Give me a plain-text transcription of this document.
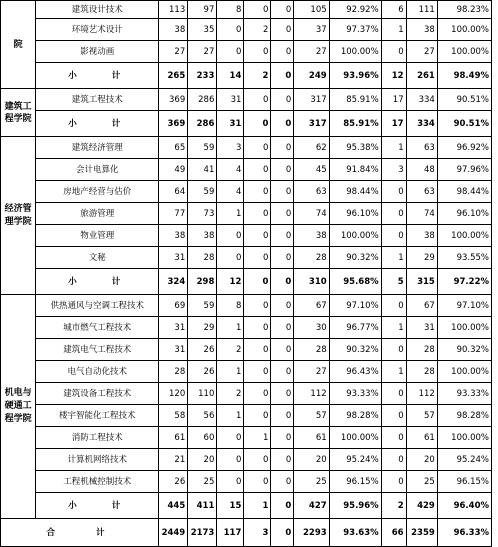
院	建筑设计技术	113	97	8	0	0	105	92.92%	6	111	98.23%
	环境艺术设计	38	35	0	2	0	37	97.37%	1	38	100.00%
	影视动画	27	27	0	0	0	27	100.00%	0	27	100.00%
	小　　计	265	233	14	2	0	249	93.96%	12	261	98.49%
建筑工程学院	建筑工程技术	369	286	31	0	0	317	85.91%	17	334	90.51%
	小　　计	369	286	31	0	0	317	85.91%	17	334	90.51%
经济管理学院	建筑经济管理	65	59	3	0	0	62	95.38%	1	63	96.92%
	会计电算化	49	41	4	0	0	45	91.84%	3	48	97.96%
	房地产经营与估价	64	59	4	0	0	63	98.44%	0	63	98.44%
	旅游管理	77	73	1	0	0	74	96.10%	0	74	96.10%
	物业管理	38	38	0	0	0	38	100.00%	0	38	100.00%
	文秘	31	28	0	0	0	28	90.32%	1	29	93.55%
	小　　计	324	298	12	0	0	310	95.68%	5	315	97.22%
机电与硬通工程学院	供热通风与空调工程技术	69	59	8	0	0	67	97.10%	0	67	97.10%
	城市燃气工程技术	31	29	1	0	0	30	96.77%	1	31	100.00%
	建筑电气工程技术	31	26	2	0	0	28	90.32%	0	28	90.32%
	电气自动化技术	28	26	1	0	0	27	96.43%	1	28	100.00%
	建筑设备工程技术	120	110	2	0	0	112	93.33%	0	112	93.33%
	楼宇智能化工程技术	58	56	1	0	0	57	98.28%	0	57	98.28%
	消防工程技术	61	60	0	1	0	61	100.00%	0	61	100.00%
	计算机网络技术	21	20	0	0	0	20	95.24%	0	20	95.24%
	工程机械控制技术	26	25	0	0	0	25	96.15%	0	25	96.15%
	小　　计	445	411	15	1	0	427	95.96%	2	429	96.40%
合　　计		2449	2173	117	3	0	2293	93.63%	66	2359	96.33%
